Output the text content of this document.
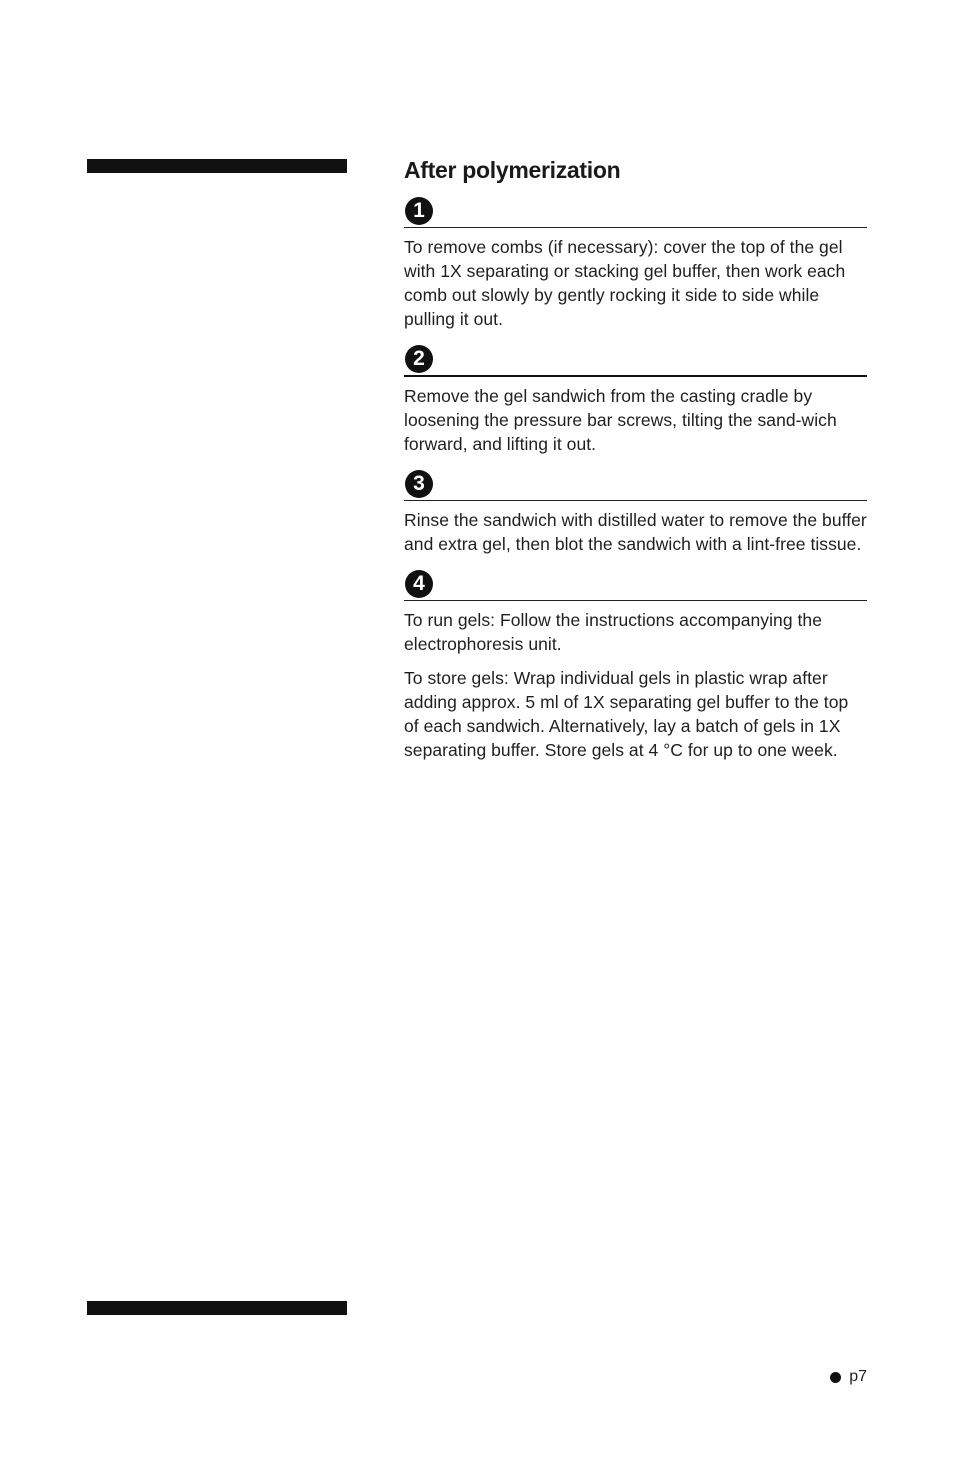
After polymerization
1

To remove combs (if necessary): cover the top of the gel with 1X separating or stacking gel buffer, then work each comb out slowly by gently rocking it side to side while pulling it out.

2

Remove the gel sandwich from the casting cradle by loosening the pressure bar screws, tilting the sand-wich forward, and lifting it out.

3

Rinse the sandwich with distilled water to remove the buffer and extra gel, then blot the sandwich with a lint-free tissue.

4

To run gels: Follow the instructions accompanying the electrophoresis unit.

To store gels: Wrap individual gels in plastic wrap after adding approx. 5 ml of 1X separating gel buffer to the top of each sandwich. Alternatively, lay a batch of gels in 1X separating buffer. Store gels at 4 °C for up to one week.

p7
